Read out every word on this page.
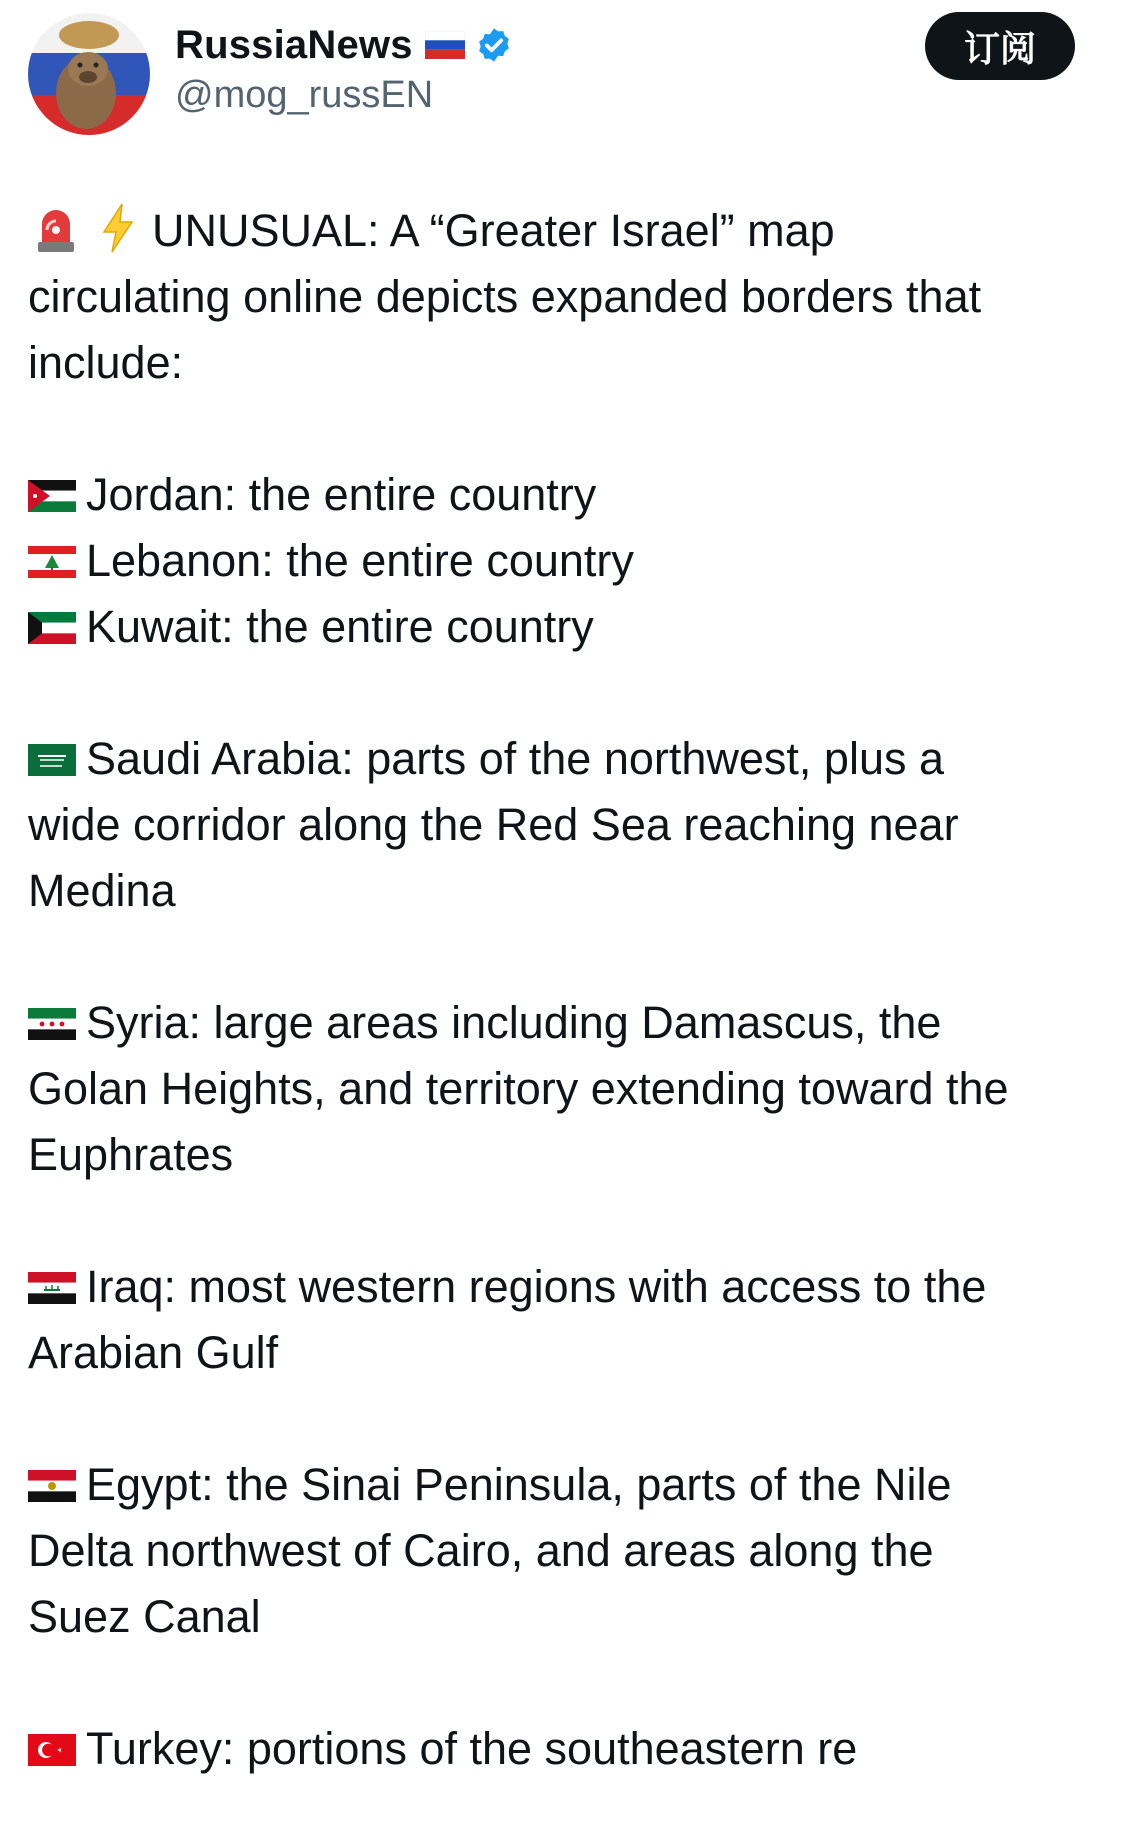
RussiaNews
@mog_russEN
订阅
UNUSUAL: A “Greater Israel” map
circulating online depicts expanded borders that
include:
Jordan: the entire country
Lebanon: the entire country
Kuwait: the entire country
Saudi Arabia: parts of the northwest, plus a
wide corridor along the Red Sea reaching near
Medina
Syria: large areas including Damascus, the
Golan Heights, and territory extending toward the
Euphrates
Iraq: most western regions with access to the
Arabian Gulf
Egypt: the Sinai Peninsula, parts of the Nile
Delta northwest of Cairo, and areas along the
Suez Canal
Turkey: portions of the southeastern re
